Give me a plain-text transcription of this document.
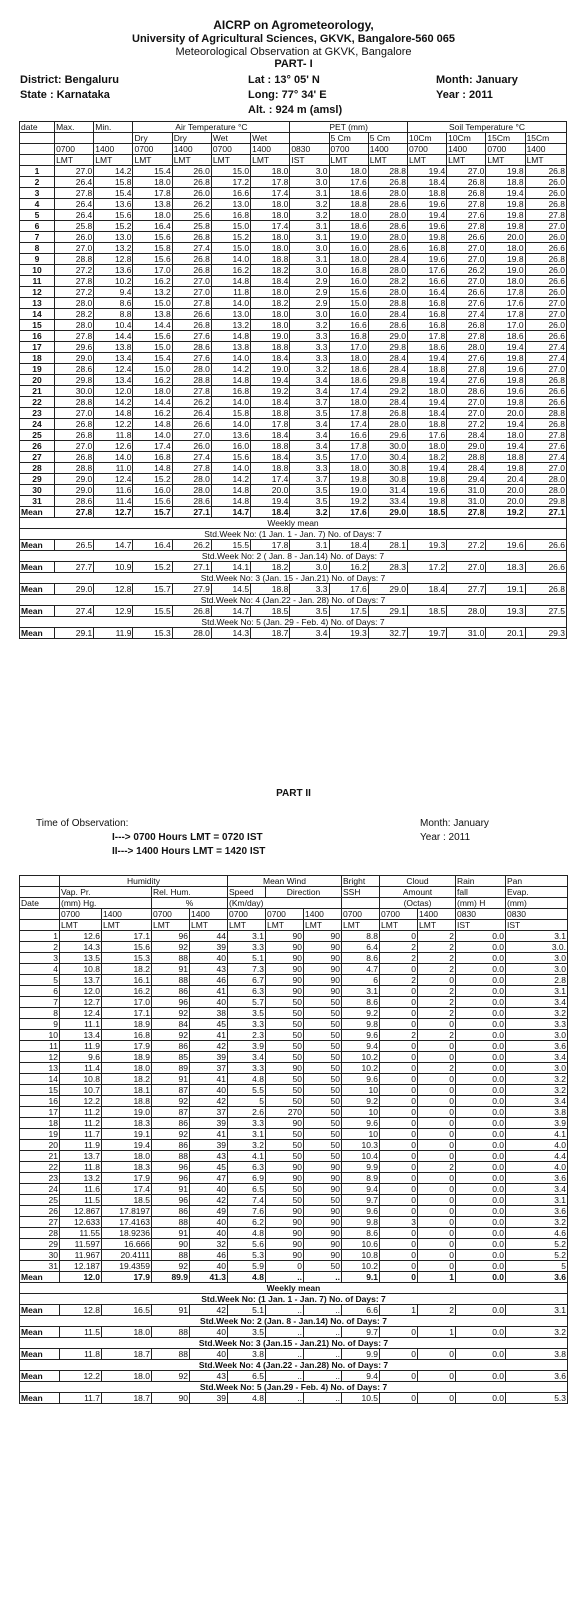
AICRP on Agrometeorology,
University of Agricultural Sciences, GKVK, Bangalore-560 065
Meteorological Observation at GKVK, Bangalore
PART- I
District: Bengaluru
State : Karnataka
Lat : 13° 05' N
Long: 77° 34' E
Alt. : 924 m (amsl)
Month: January
Year : 2011
date	Max.	Min.	Air Temperature °C				PET (mm)			Soil Temperature °C			
			Dry	Dry	Wet	Wet		5 Cm	5 Cm	10Cm	10Cm	15Cm	15Cm
	0700	1400	0700	1400	0700	1400	0830	0700	1400	0700	1400	0700	1400
	LMT	LMT	LMT	LMT	LMT	LMT	IST	LMT	LMT	LMT	LMT	LMT	LMT
1	27.0	14.2	15.4	26.0	15.0	18.0	3.0	18.0	28.8	19.4	27.0	19.8	26.8
2	26.4	15.8	18.0	26.8	17.2	17.8	3.0	17.6	26.8	18.4	26.8	18.8	26.0
3	27.8	15.4	17.8	26.0	16.6	17.4	3.1	18.6	28.0	18.8	26.8	19.4	26.0
4	26.4	13.6	13.8	26.2	13.0	18.0	3.2	18.8	28.6	19.6	27.8	19.8	26.8
5	26.4	15.6	18.0	25.6	16.8	18.0	3.2	18.0	28.0	19.4	27.6	19.8	27.8
6	25.8	15.2	16.4	25.8	15.0	17.4	3.1	18.6	28.6	19.6	27.8	19.8	27.0
7	26.0	13.0	15.6	26.8	15.2	18.0	3.1	19.0	28.0	19.8	26.6	20.0	26.0
8	27.0	13.2	15.8	27.4	15.0	18.0	3.0	16.0	28.6	16.8	27.0	18.0	26.6
9	28.8	12.8	15.6	26.8	14.0	18.8	3.1	18.0	28.4	19.6	27.0	19.8	26.8
10	27.2	13.6	17.0	26.8	16.2	18.2	3.0	16.8	28.0	17.6	26.2	19.0	26.0
11	27.8	10.2	16.2	27.0	14.8	18.4	2.9	16.0	28.2	16.6	27.0	18.0	26.6
12	27.2	9.4	13.2	27.0	11.8	18.0	2.9	15.6	28.0	16.4	26.6	17.8	26.0
13	28.0	8.6	15.0	27.8	14.0	18.2	2.9	15.0	28.8	16.8	27.6	17.6	27.0
14	28.2	8.8	13.8	26.6	13.0	18.0	3.0	16.0	28.4	16.8	27.4	17.8	27.0
15	28.0	10.4	14.4	26.8	13.2	18.0	3.2	16.6	28.6	16.8	26.8	17.0	26.0
16	27.8	14.4	15.6	27.6	14.8	19.0	3.3	16.8	29.0	17.8	27.8	18.6	26.6
17	29.6	13.8	15.0	28.6	13.8	18.8	3.3	17.0	29.8	18.6	28.0	19.4	27.4
18	29.0	13.4	15.4	27.6	14.0	18.4	3.3	18.0	28.4	19.4	27.6	19.8	27.4
19	28.6	12.4	15.0	28.0	14.2	19.0	3.2	18.6	28.4	18.8	27.8	19.6	27.0
20	29.8	13.4	16.2	28.8	14.8	19.4	3.4	18.6	29.8	19.4	27.6	19.8	26.8
21	30.0	12.0	18.0	27.8	16.8	19.2	3.4	17.4	29.2	18.0	28.6	19.6	26.6
22	28.8	14.2	14.4	26.2	14.0	18.4	3.7	18.0	28.4	19.4	27.0	19.8	26.6
23	27.0	14.8	16.2	26.4	15.8	18.8	3.5	17.8	26.8	18.4	27.0	20.0	28.8
24	26.8	12.2	14.8	26.6	14.0	17.8	3.4	17.4	28.0	18.8	27.2	19.4	26.8
25	26.8	11.8	14.0	27.0	13.6	18.4	3.4	16.6	29.6	17.6	28.4	18.0	27.8
26	27.0	12.6	17.4	26.0	16.0	18.8	3.4	17.8	30.0	18.0	29.0	19.4	27.6
27	26.8	14.0	16.8	27.4	15.6	18.4	3.5	17.0	30.4	18.2	28.8	18.8	27.4
28	28.8	11.0	14.8	27.8	14.0	18.8	3.3	18.0	30.8	19.4	28.4	19.8	27.0
29	29.0	12.4	15.2	28.0	14.2	17.4	3.7	19.8	30.8	19.8	29.4	20.4	28.0
30	29.0	11.6	16.0	28.0	14.8	20.0	3.5	19.0	31.4	19.6	31.0	20.0	28.0
31	28.6	11.4	15.6	28.6	14.8	19.4	3.5	19.2	33.4	19.8	31.0	20.0	29.8
Mean	27.8	12.7	15.7	27.1	14.7	18.4	3.2	17.6	29.0	18.5	27.8	19.2	27.1
Weekly mean													
Std.Week No: (1 Jan. 1 - Jan. 7) No. of Days: 7													
Mean	26.5	14.7	16.4	26.2	15.5	17.8	3.1	18.4	28.1	19.3	27.2	19.6	26.6
Std.Week No: 2 ( Jan. 8 - Jan.14) No. of Days: 7													
Mean	27.7	10.9	15.2	27.1	14.1	18.2	3.0	16.2	28.3	17.2	27.0	18.3	26.6
Std.Week No: 3 (Jan. 15 - Jan.21) No. of Days: 7													
Mean	29.0	12.8	15.7	27.9	14.5	18.8	3.3	17.6	29.0	18.4	27.7	19.1	26.8
Std.Week No: 4 (Jan.22 - Jan. 28) No. of Days: 7													
Mean	27.4	12.9	15.5	26.8	14.7	18.5	3.5	17.5	29.1	18.5	28.0	19.3	27.5
Std.Week No: 5 (Jan. 29 - Feb. 4) No. of Days: 7													
Mean	29.1	11.9	15.3	28.0	14.3	18.7	3.4	19.3	32.7	19.7	31.0	20.1	29.3
PART II
Time of Observation:
I---> 0700 Hours LMT = 0720 IST
II---> 1400 Hours LMT = 1420 IST
Month: January
Year : 2011
	Humidity				Mean Wind			Bright	Cloud		Rain	Pan
	Vap. Pr.		Rel. Hum.		Speed	Direction		SSH	Amount		fall	Evap.
Date	(mm) Hg.		%		(Km/day)				(Octas)		(mm) H	(mm)
	0700	1400	0700	1400	0700	0700	1400	0700	0700	1400	0830	0830
	LMT	LMT	LMT	LMT	LMT	LMT	LMT	LMT	LMT	LMT	IST	IST
1	12.6	17.1	96	44	3.1	90	90	8.8	0	2	0.0	3.1
2	14.3	15.6	92	39	3.3	90	90	6.4	2	2	0.0	3.0.
3	13.5	15.3	88	40	5.1	90	90	8.6	2	2	0.0	3.0
4	10.8	18.2	91	43	7.3	90	90	4.7	0	2	0.0	3.0
5	13.7	16.1	88	46	6.7	90	90	6	2	0	0.0	2.8
6	12.0	16.2	86	41	6.3	90	90	3.1	0	2	0.0	3.1
7	12.7	17.0	96	40	5.7	50	50	8.6	0	2	0.0	3.4
8	12.4	17.1	92	38	3.5	50	50	9.2	0	2	0.0	3.2
9	11.1	18.9	84	45	3.3	50	50	9.8	0	0	0.0	3.3
10	13.4	16.8	92	41	2.3	50	50	9.6	2	2	0.0	3.0
11	11.9	17.9	86	42	3.9	50	50	9.4	0	0	0.0	3.6
12	9.6	18.9	85	39	3.4	50	50	10.2	0	0	0.0	3.4
13	11.4	18.0	89	37	3.3	90	50	10.2	0	2	0.0	3.0
14	10.8	18.2	91	41	4.8	50	50	9.6	0	0	0.0	3.2
15	10.7	18.1	87	40	5.5	50	50	10	0	0	0.0	3.2
16	12.2	18.8	92	42	5	50	50	9.2	0	0	0.0	3.4
17	11.2	19.0	87	37	2.6	270	50	10	0	0	0.0	3.8
18	11.2	18.3	86	39	3.3	90	50	9.6	0	0	0.0	3.9
19	11.7	19.1	92	41	3.1	50	50	10	0	0	0.0	4.1
20	11.9	19.4	86	39	3.2	50	50	10.3	0	0	0.0	4.0
21	13.7	18.0	88	43	4.1	50	50	10.4	0	0	0.0	4.4
22	11.8	18.3	96	45	6.3	90	90	9.9	0	2	0.0	4.0
23	13.2	17.9	96	47	6.9	90	90	8.9	0	0	0.0	3.6
24	11.6	17.4	91	40	6.5	50	90	9.4	0	0	0.0	3.4
25	11.5	18.5	96	42	7.4	50	50	9.7	0	0	0.0	3.1
26	12.867	17.8197	86	49	7.6	90	90	9.6	0	0	0.0	3.6
27	12.633	17.4163	88	40	6.2	90	90	9.8	3	0	0.0	3.2
28	11.55	18.9236	91	40	4.8	90	90	8.6	0	0	0.0	4.6
29	11.597	16.666	90	32	5.6	90	90	10.6	0	0	0.0	5.2
30	11.967	20.4111	88	46	5.3	90	90	10.8	0	0	0.0	5.2
31	12.187	19.4359	92	40	5.9	0	50	10.2	0	0	0.0	5
Mean	12.0	17.9	89.9	41.3	4.8	..	..	9.1	0	1	0.0	3.6
Weekly mean												
Std.Week No: (1 Jan. 1 - Jan. 7) No. of Days: 7												
Mean	12.8	16.5	91	42	5.1	..	..	6.6	1	2	0.0	3.1
Std.Week No: 2 (Jan. 8 - Jan.14) No. of Days: 7												
Mean	11.5	18.0	88	40	3.5	..	..	9.7	0	1	0.0	3.2
Std.Week No: 3 (Jan.15 - Jan.21) No. of Days: 7												
Mean	11.8	18.7	88	40	3.8	..	..	9.9	0	0	0.0	3.8
Std.Week No: 4 (Jan.22 - Jan.28) No. of Days: 7												
Mean	12.2	18.0	92	43	6.5	..	..	9.4	0	0	0.0	3.6
Std.Week No: 5 (Jan.29 - Feb. 4) No. of Days: 7												
Mean	11.7	18.7	90	39	4.8	..	..	10.5	0	0	0.0	5.3
